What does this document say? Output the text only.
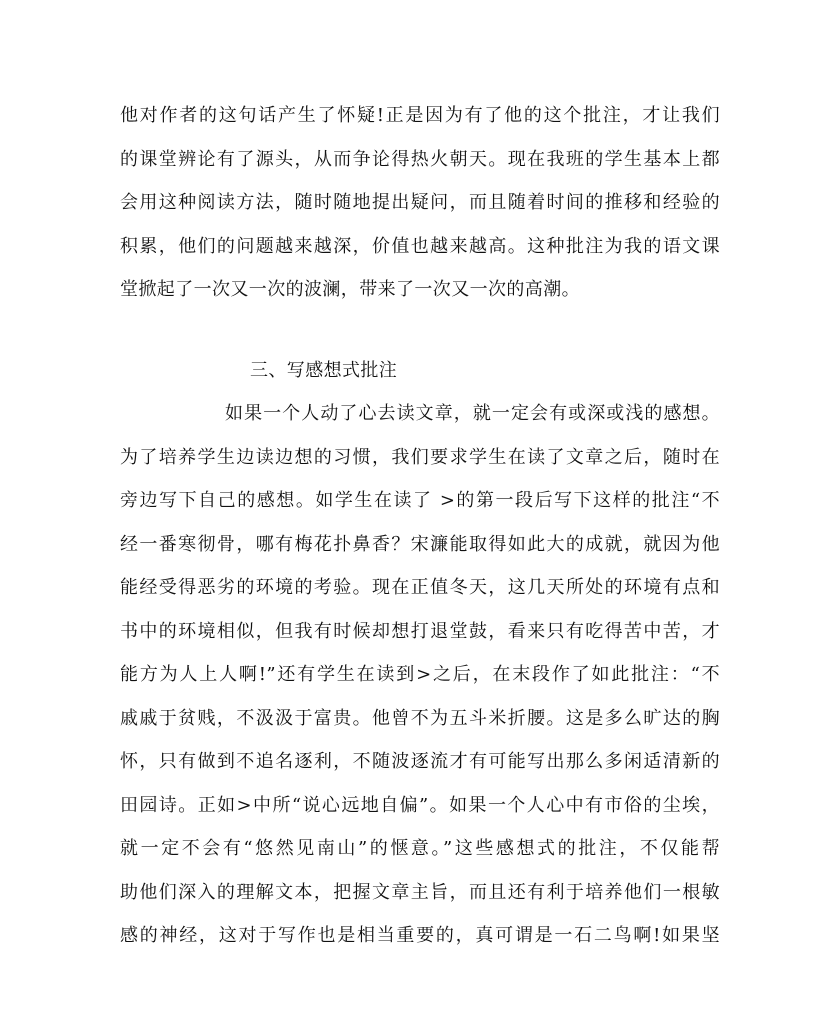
他对作者的这句话产生了怀疑!正是因为有了他的这个批注，才让我们
的课堂辨论有了源头，从而争论得热火朝天。现在我班的学生基本上都
会用这种阅读方法，随时随地提出疑问，而且随着时间的推移和经验的
积累，他们的问题越来越深，价值也越来越高。这种批注为我的语文课
堂掀起了一次又一次的波澜，带来了一次又一次的高潮。
三、写感想式批注
如果一个人动了心去读文章，就一定会有或深或浅的感想。
为了培养学生边读边想的习惯，我们要求学生在读了文章之后，随时在
旁边写下自己的感想。如学生在读了 >的第一段后写下这样的批注“不
经一番寒彻骨，哪有梅花扑鼻香？宋濂能取得如此大的成就，就因为他
能经受得恶劣的环境的考验。现在正值冬天，这几天所处的环境有点和
书中的环境相似，但我有时候却想打退堂鼓，看来只有吃得苦中苦，才
能方为人上人啊!”还有学生在读到>之后，在末段作了如此批注：“不
戚戚于贫贱，不汲汲于富贵。他曾不为五斗米折腰。这是多么旷达的胸
怀，只有做到不追名逐利，不随波逐流才有可能写出那么多闲适清新的
田园诗。正如>中所“说心远地自偏”。如果一个人心中有市俗的尘埃，
就一定不会有“悠然见南山”的惬意。”这些感想式的批注，不仅能帮
助他们深入的理解文本，把握文章主旨，而且还有利于培养他们一根敏
感的神经，这对于写作也是相当重要的，真可谓是一石二鸟啊!如果坚
